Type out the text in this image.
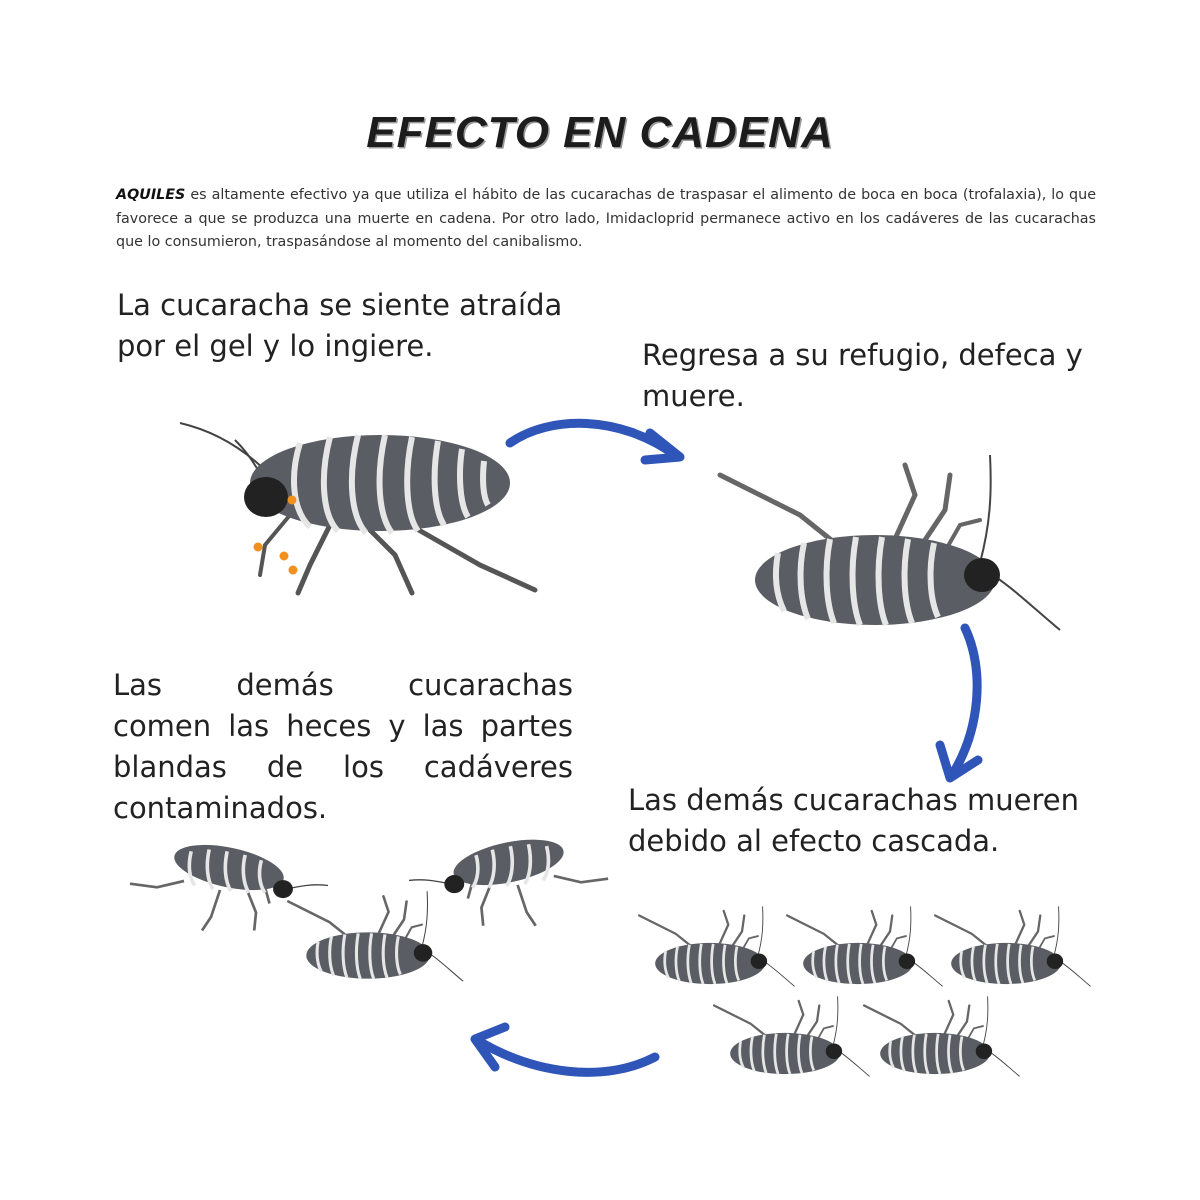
EFECTO EN CADENA

AQUILES es altamente efectivo ya que utiliza el hábito de las cucarachas de traspasar el alimento de boca en boca (trofalaxia), lo que favorece a que se produzca una muerte en cadena. Por otro lado, Imidacloprid permanece activo en los cadáveres de las cucarachas que lo consumieron, traspasándose al momento del canibalismo.

La cucaracha se siente atraída por el gel y lo ingiere.	Regresa a su refugio, defeca y muere.

Las demás cucarachas mueren debido al efecto cascada.

Las	demás	cucarachas
comen las heces y las partes blandas de los cadáveres contaminados.
